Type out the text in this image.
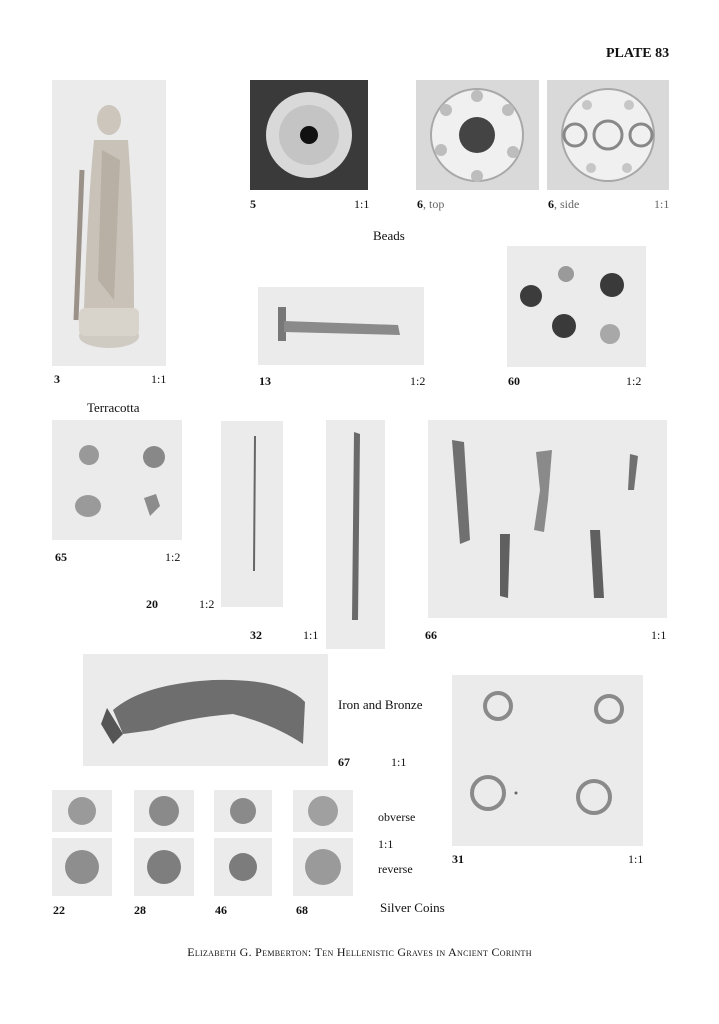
PLATE 83
3	1:1
Terracotta
5	1:1	6, top	6, side	1:1
Beads
13	1:2	60	1:2
65	1:2
20	1:2
32	1:1	66	1:1
Iron and Bronze
67	1:1
31	1:1
obverse
1:1
reverse
22	28	46	68	Silver Coins
Elizabeth G. Pemberton: Ten Hellenistic Graves in Ancient Corinth
